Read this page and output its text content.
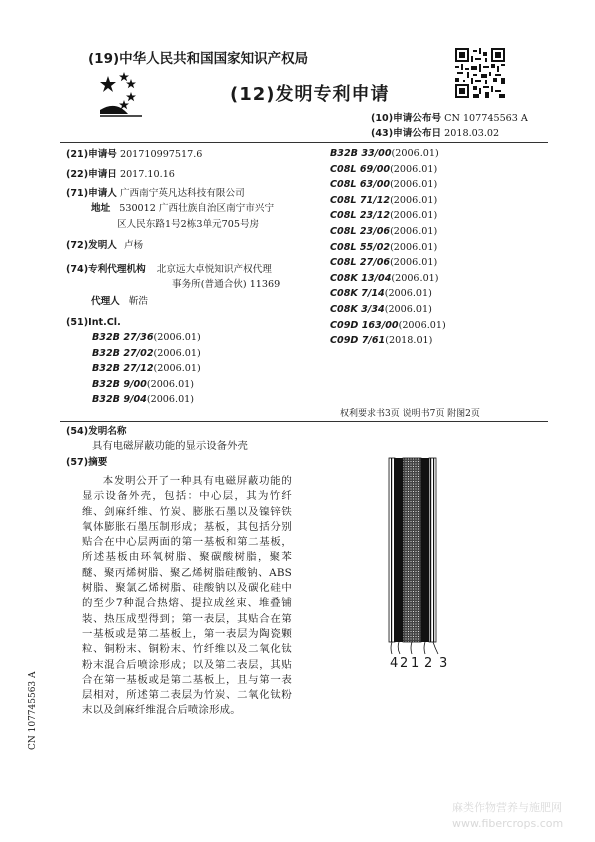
(19)中华人民共和国国家知识产权局
(12)发明专利申请
(10)申请公布号 CN 107745563 A
(43)申请公布日 2018.03.02
(21)申请号 201710997517.6
(22)申请日 2017.10.16
(71)申请人 广西南宁英凡达科技有限公司
地址 530012 广西壮族自治区南宁市兴宁
区人民东路1号2栋3单元705号房
(72)发明人 卢杨
(74)专利代理机构 北京远大卓悦知识产权代理
事务所(普通合伙) 11369
代理人 靳浩
(51)Int.Cl.
B32B 27/36(2006.01)
B32B 27/02(2006.01)
B32B 27/12(2006.01)
B32B 9/00(2006.01)
B32B 9/04(2006.01)
B32B 33/00(2006.01)
C08L 69/00(2006.01)
C08L 63/00(2006.01)
C08L 71/12(2006.01)
C08L 23/12(2006.01)
C08L 23/06(2006.01)
C08L 55/02(2006.01)
C08L 27/06(2006.01)
C08K 13/04(2006.01)
C08K 7/14(2006.01)
C08K 3/34(2006.01)
C09D 163/00(2006.01)
C09D 7/61(2018.01)
权利要求书3页 说明书7页 附图2页
(54)发明名称
具有电磁屏蔽功能的显示设备外壳
(57)摘要
本发明公开了一种具有电磁屏蔽功能的显示设备外壳，包括：中心层，其为竹纤维、剑麻纤维、竹炭、膨胀石墨以及镍锌铁氧体膨胀石墨压制形成；基板，其包括分别贴合在中心层两面的第一基板和第二基板，所述基板由环氧树脂、聚碳酸树脂，聚苯醚、聚丙烯树脂、聚乙烯树脂硅酸钠、ABS树脂、聚氯乙烯树脂、硅酸钠以及碳化硅中的至少7种混合热熔、提拉成丝束、堆叠铺装、热压成型得到；第一表层，其贴合在第一基板或是第二基板上，第一表层为陶瓷颗粒、铜粉末、铜粉末、竹纤维以及二氧化钛粉末混合后喷涂形成；以及第二表层，其贴合在第一基板或是第二基板上，且与第一表层相对，所述第二表层为竹炭、二氧化钛粉末以及剑麻纤维混合后喷涂形成。
4 2 1 2 3
CN 107745563 A
麻类作物营养与施肥网 www.fibercrops.com
